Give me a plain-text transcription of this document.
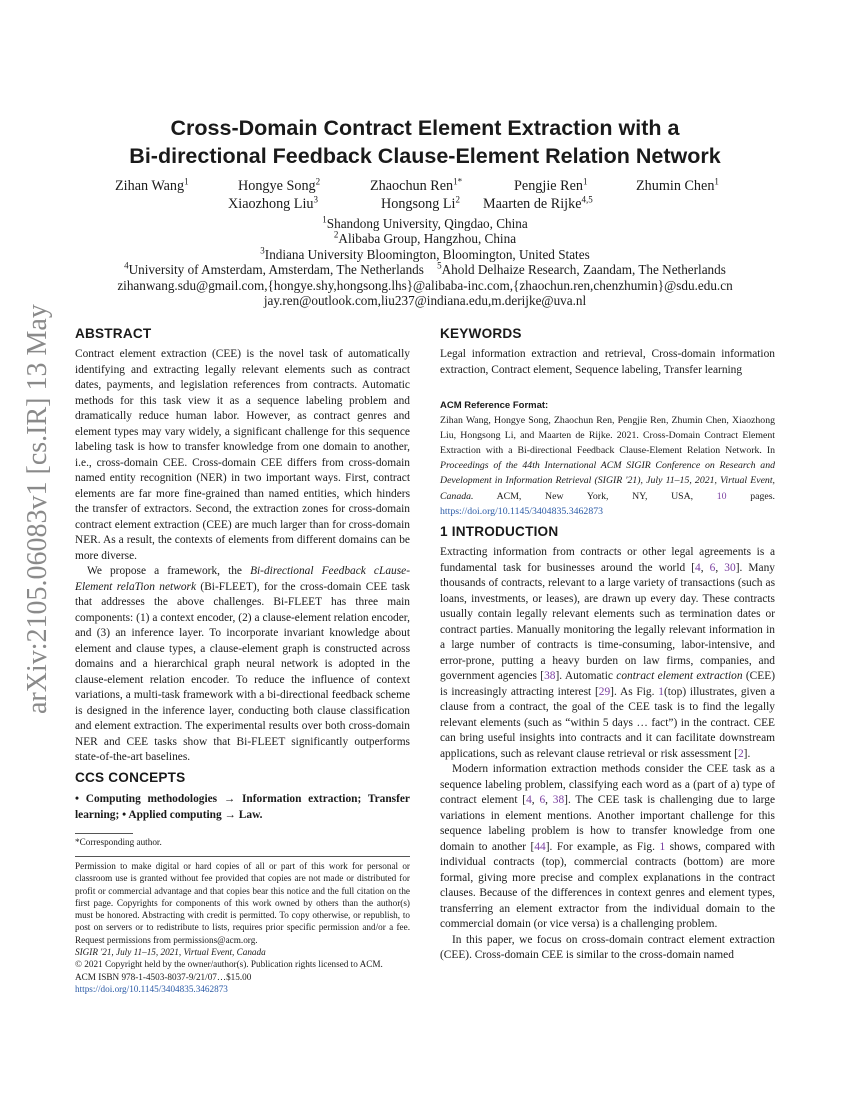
arXiv:2105.06083v1 [cs.IR] 13 May 2021
Cross-Domain Contract Element Extraction with a
Bi-directional Feedback Clause-Element Relation Network
Zihan Wang$^1$	Hongye Song$^2$	Zhaochun Ren$^{1*}$	Pengjie Ren$^1$	Zhumin Chen$^1$
Xiaozhong Liu$^3$	Hongsong Li$^2$ Maarten de Rijke$^{4,5}$
$^1$Shandong University, Qingdao, China
$^2$Alibaba Group, Hangzhou, China
$^3$Indiana University Bloomington, Bloomington, United States
$^4$University of Amsterdam, Amsterdam, The Netherlands $^5$Ahold Delhaize Research, Zaandam, The Netherlands
zihanwang.sdu@gmail.com,{hongye.shy,hongsong.lhs}@alibaba-inc.com,{zhaochun.ren,chenzhumin}@sdu.edu.cn
jay.ren@outlook.com,liu237@indiana.edu,m.derijke@uva.nl
ABSTRACT

Contract element extraction (CEE) is the novel task of automatically identifying and extracting legally relevant elements such as contract dates, payments, and legislation references from contracts. Automatic methods for this task view it as a sequence labeling problem and dramatically reduce human labor. However, as contract genres and element types may vary widely, a significant challenge for this sequence labeling task is how to transfer knowledge from one domain to another, i.e., cross-domain CEE. Cross-domain CEE differs from cross-domain named entity recognition (NER) in two important ways. First, contract elements are far more fine-grained than named entities, which hinders the transfer of extractors. Second, the extraction zones for cross-domain contract element extraction (CEE) are much larger than for cross-domain NER. As a result, the contexts of elements from different domains can be more diverse.

We propose a framework, the Bi-directional Feedback cLause-Element relaTion network (Bi-FLEET), for the cross-domain CEE task that addresses the above challenges. Bi-FLEET has three main components: (1) a context encoder, (2) a clause-element relation encoder, and (3) an inference layer. To incorporate invariant knowledge about element and clause types, a clause-element graph is constructed across domains and a hierarchical graph neural network is adopted in the clause-element relation encoder. To reduce the influence of context variations, a multi-task framework with a bi-directional feedback scheme is designed in the inference layer, conducting both clause classification and element extraction. The experimental results over both cross-domain NER and CEE tasks show that Bi-FLEET significantly outperforms state-of-the-art baselines.

CCS CONCEPTS

• Computing methodologies → Information extraction; Transfer learning; • Applied computing → Law.

*Corresponding author.

Permission to make digital or hard copies of all or part of this work for personal or classroom use is granted without fee provided that copies are not made or distributed for profit or commercial advantage and that copies bear this notice and the full citation on the first page. Copyrights for components of this work owned by others than the author(s) must be honored. Abstracting with credit is permitted. To copy otherwise, or republish, to post on servers or to redistribute to lists, requires prior specific permission and/or a fee. Request permissions from permissions@acm.org.

SIGIR '21, July 11–15, 2021, Virtual Event, Canada

© 2021 Copyright held by the owner/author(s). Publication rights licensed to ACM.

ACM ISBN 978-1-4503-8037-9/21/07…$15.00

https://doi.org/10.1145/3404835.3462873

KEYWORDS

Legal information extraction and retrieval, Cross-domain information extraction, Contract element, Sequence labeling, Transfer learning

ACM Reference Format:

Zihan Wang, Hongye Song, Zhaochun Ren, Pengjie Ren, Zhumin Chen, Xiaozhong Liu, Hongsong Li, and Maarten de Rijke. 2021. Cross-Domain Contract Element Extraction with a Bi-directional Feedback Clause-Element Relation Network. In Proceedings of the 44th International ACM SIGIR Conference on Research and Development in Information Retrieval (SIGIR '21), July 11–15, 2021, Virtual Event, Canada. ACM, New York, NY, USA, 10 pages. https://doi.org/10.1145/3404835.3462873

1 INTRODUCTION

Extracting information from contracts or other legal agreements is a fundamental task for businesses around the world [4, 6, 30]. Many thousands of contracts, relevant to a large variety of transactions (such as loans, investments, or leases), are drawn up every day. These contracts usually contain legally relevant elements such as termination dates or contract parties. Manually monitoring the legally relevant information in a large number of contracts is time-consuming, labor-intensive, and error-prone, putting a heavy burden on law firms, companies, and government agencies [38]. Automatic contract element extraction (CEE) is increasingly attracting interest [29]. As Fig. 1(top) illustrates, given a clause from a contract, the goal of the CEE task is to find the legally relevant elements (such as “within 5 days … fact”) in the contract. CEE can bring useful insights into contracts and it can facilitate downstream applications, such as relevant clause retrieval or risk assessment [2].

Modern information extraction methods consider the CEE task as a sequence labeling problem, classifying each word as a (part of a) type of contract element [4, 6, 38]. The CEE task is challenging due to large variations in element mentions. Another important challenge for this sequence labeling problem is how to transfer knowledge from one domain to another [44]. For example, as Fig. 1 shows, compared with individual contracts (top), commercial contracts (bottom) are more formal, giving more precise and complex explanations in the contract clauses. Because of the differences in context genres and element types, transferring an element extractor from the individual domain to the commercial domain (or vice versa) is a challenging problem.

In this paper, we focus on cross-domain contract element extraction (CEE). Cross-domain CEE is similar to the cross-domain named
